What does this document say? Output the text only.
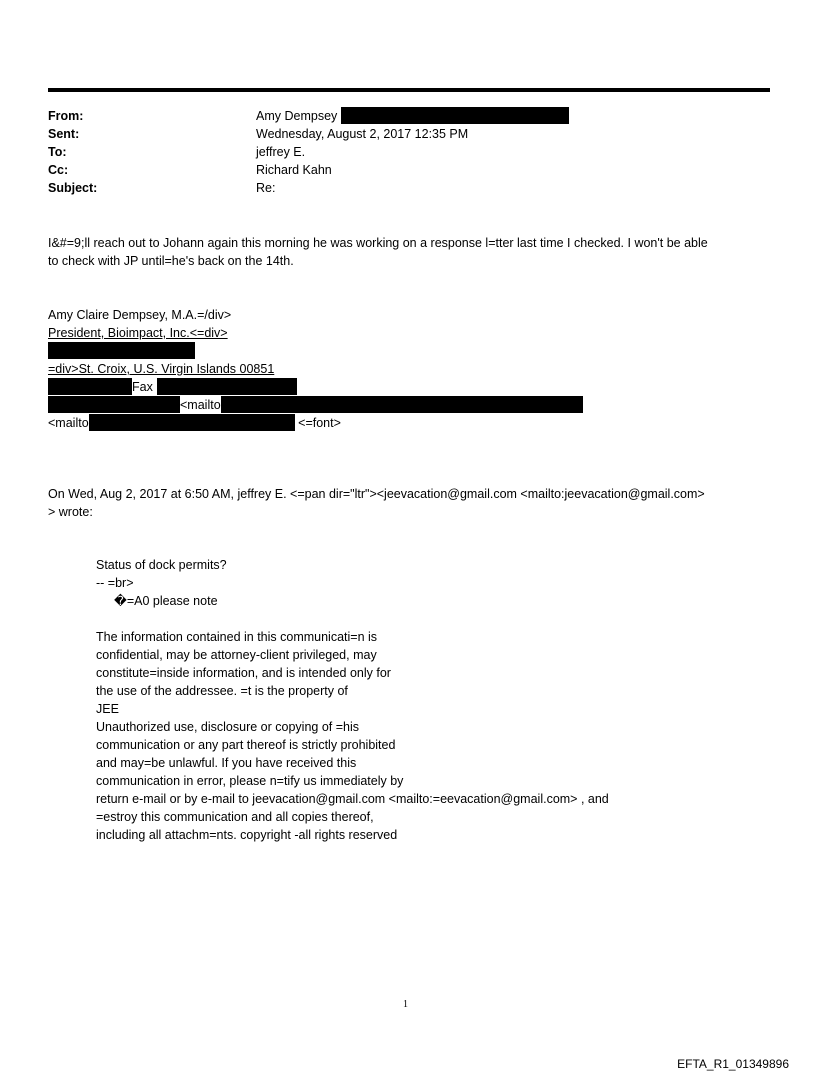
From:	Amy Dempsey
Sent:	Wednesday, August 2, 2017 12:35 PM
To:	jeffrey E.
Cc:	Richard Kahn
Subject:	Re:
I&#=9;ll reach out to Johann again this morning he was working on a response l=tter last time I checked. I won't be able
to check with JP until=he's back on the 14th.
Amy Claire Dempsey, M.A.=/div>
President, Bioimpact, Inc.<=div>
=div>St. Croix, U.S. Virgin Islands 00851
Fax
<mailto
<mailto	<=font>
On Wed, Aug 2, 2017 at 6:50 AM, jeffrey E. <=pan dir="ltr"><jeevacation@gmail.com <mailto:jeevacation@gmail.com>
> wrote:
Status of dock permits?
-- =br>
�=A0 please note
The information contained in this communicati=n is
confidential, may be attorney-client privileged, may
constitute=inside information, and is intended only for
the use of the addressee. =t is the property of
JEE
Unauthorized use, disclosure or copying of =his
communication or any part thereof is strictly prohibited
and may=be unlawful. If you have received this
communication in error, please n=tify us immediately by
return e-mail or by e-mail to jeevacation@gmail.com <mailto:=eevacation@gmail.com> , and
=estroy this communication and all copies thereof,
including all attachm=nts. copyright -all rights reserved
1
EFTA_R1_01349896
